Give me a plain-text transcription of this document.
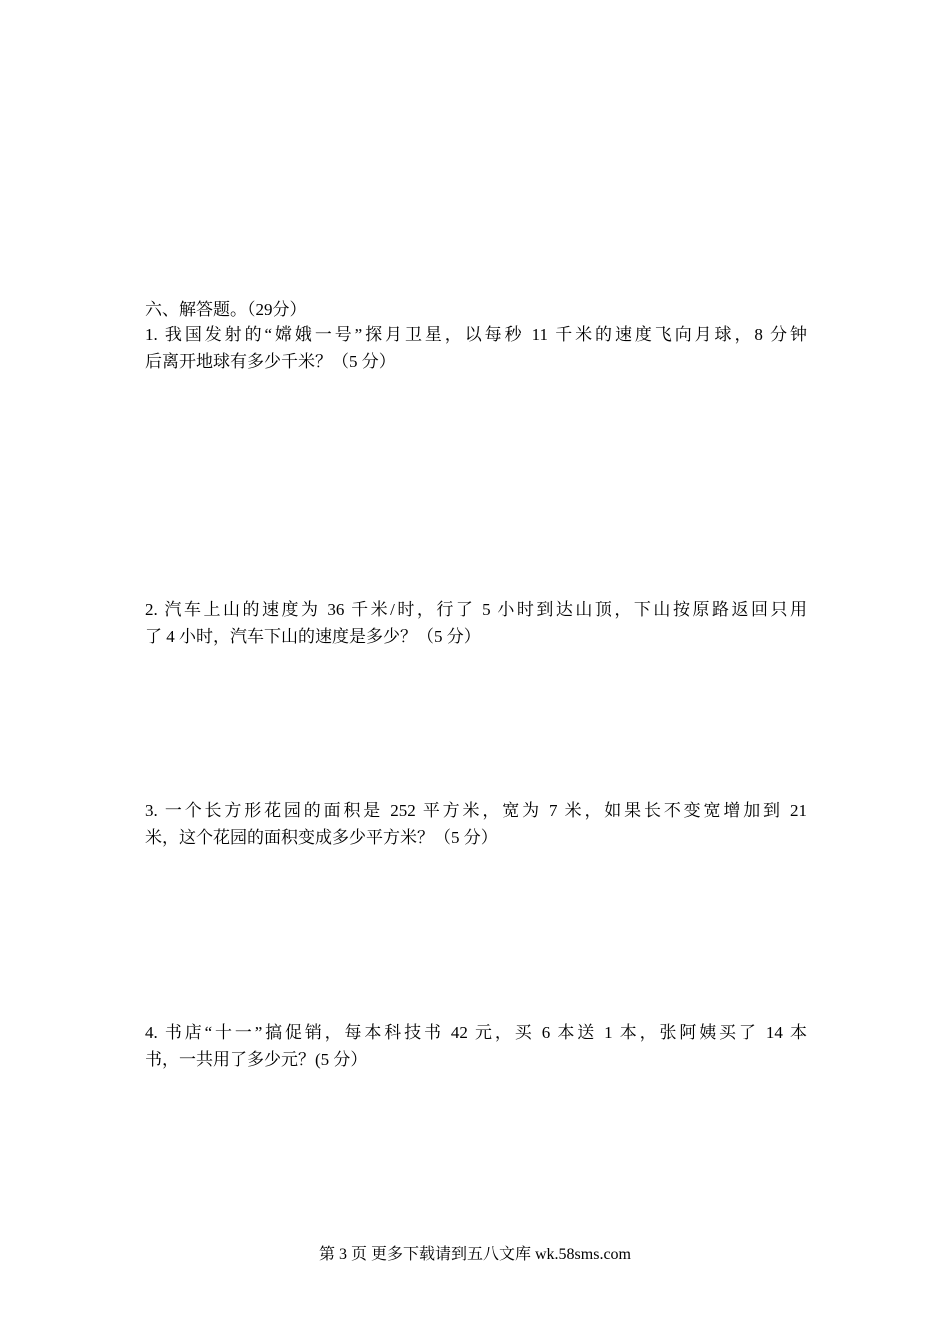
六、解答题。（29分）
1. 我国发射的“嫦娥一号”探月卫星，以每秒 11 千米的速度飞向月球，8 分钟
后离开地球有多少千米？（5 分）
2. 汽车上山的速度为 36 千米/时，行了 5 小时到达山顶，下山按原路返回只用
了 4 小时，汽车下山的速度是多少？（5 分）
3. 一个长方形花园的面积是 252 平方米，宽为 7 米，如果长不变宽增加到 21
米，这个花园的面积变成多少平方米？（5 分）
4. 书店“十一”搞促销，每本科技书 42 元，买 6 本送 1 本，张阿姨买了 14 本
书，一共用了多少元？(5 分）
第 3 页 更多下载请到五八文库 wk.58sms.com
